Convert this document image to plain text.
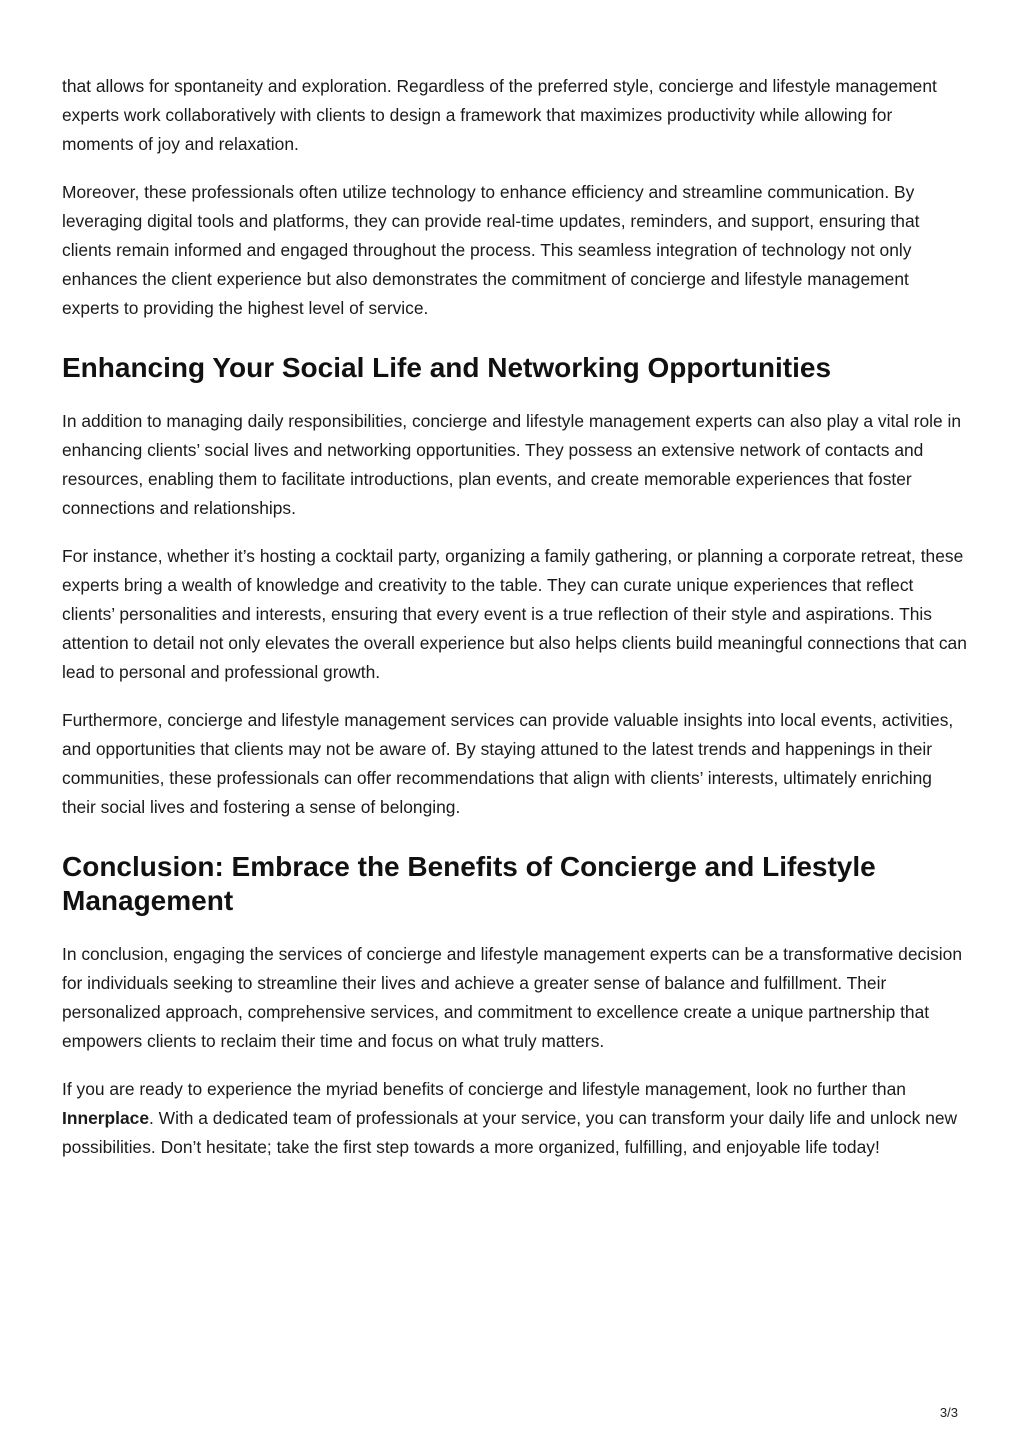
that allows for spontaneity and exploration. Regardless of the preferred style, concierge and lifestyle management experts work collaboratively with clients to design a framework that maximizes productivity while allowing for moments of joy and relaxation.

Moreover, these professionals often utilize technology to enhance efficiency and streamline communication. By leveraging digital tools and platforms, they can provide real-time updates, reminders, and support, ensuring that clients remain informed and engaged throughout the process. This seamless integration of technology not only enhances the client experience but also demonstrates the commitment of concierge and lifestyle management experts to providing the highest level of service.

Enhancing Your Social Life and Networking Opportunities

In addition to managing daily responsibilities, concierge and lifestyle management experts can also play a vital role in enhancing clients’ social lives and networking opportunities. They possess an extensive network of contacts and resources, enabling them to facilitate introductions, plan events, and create memorable experiences that foster connections and relationships.

For instance, whether it’s hosting a cocktail party, organizing a family gathering, or planning a corporate retreat, these experts bring a wealth of knowledge and creativity to the table. They can curate unique experiences that reflect clients’ personalities and interests, ensuring that every event is a true reflection of their style and aspirations. This attention to detail not only elevates the overall experience but also helps clients build meaningful connections that can lead to personal and professional growth.

Furthermore, concierge and lifestyle management services can provide valuable insights into local events, activities, and opportunities that clients may not be aware of. By staying attuned to the latest trends and happenings in their communities, these professionals can offer recommendations that align with clients’ interests, ultimately enriching their social lives and fostering a sense of belonging.

Conclusion: Embrace the Benefits of Concierge and Lifestyle Management

In conclusion, engaging the services of concierge and lifestyle management experts can be a transformative decision for individuals seeking to streamline their lives and achieve a greater sense of balance and fulfillment. Their personalized approach, comprehensive services, and commitment to excellence create a unique partnership that empowers clients to reclaim their time and focus on what truly matters.

If you are ready to experience the myriad benefits of concierge and lifestyle management, look no further than Innerplace. With a dedicated team of professionals at your service, you can transform your daily life and unlock new possibilities. Don’t hesitate; take the first step towards a more organized, fulfilling, and enjoyable life today!

3/3
